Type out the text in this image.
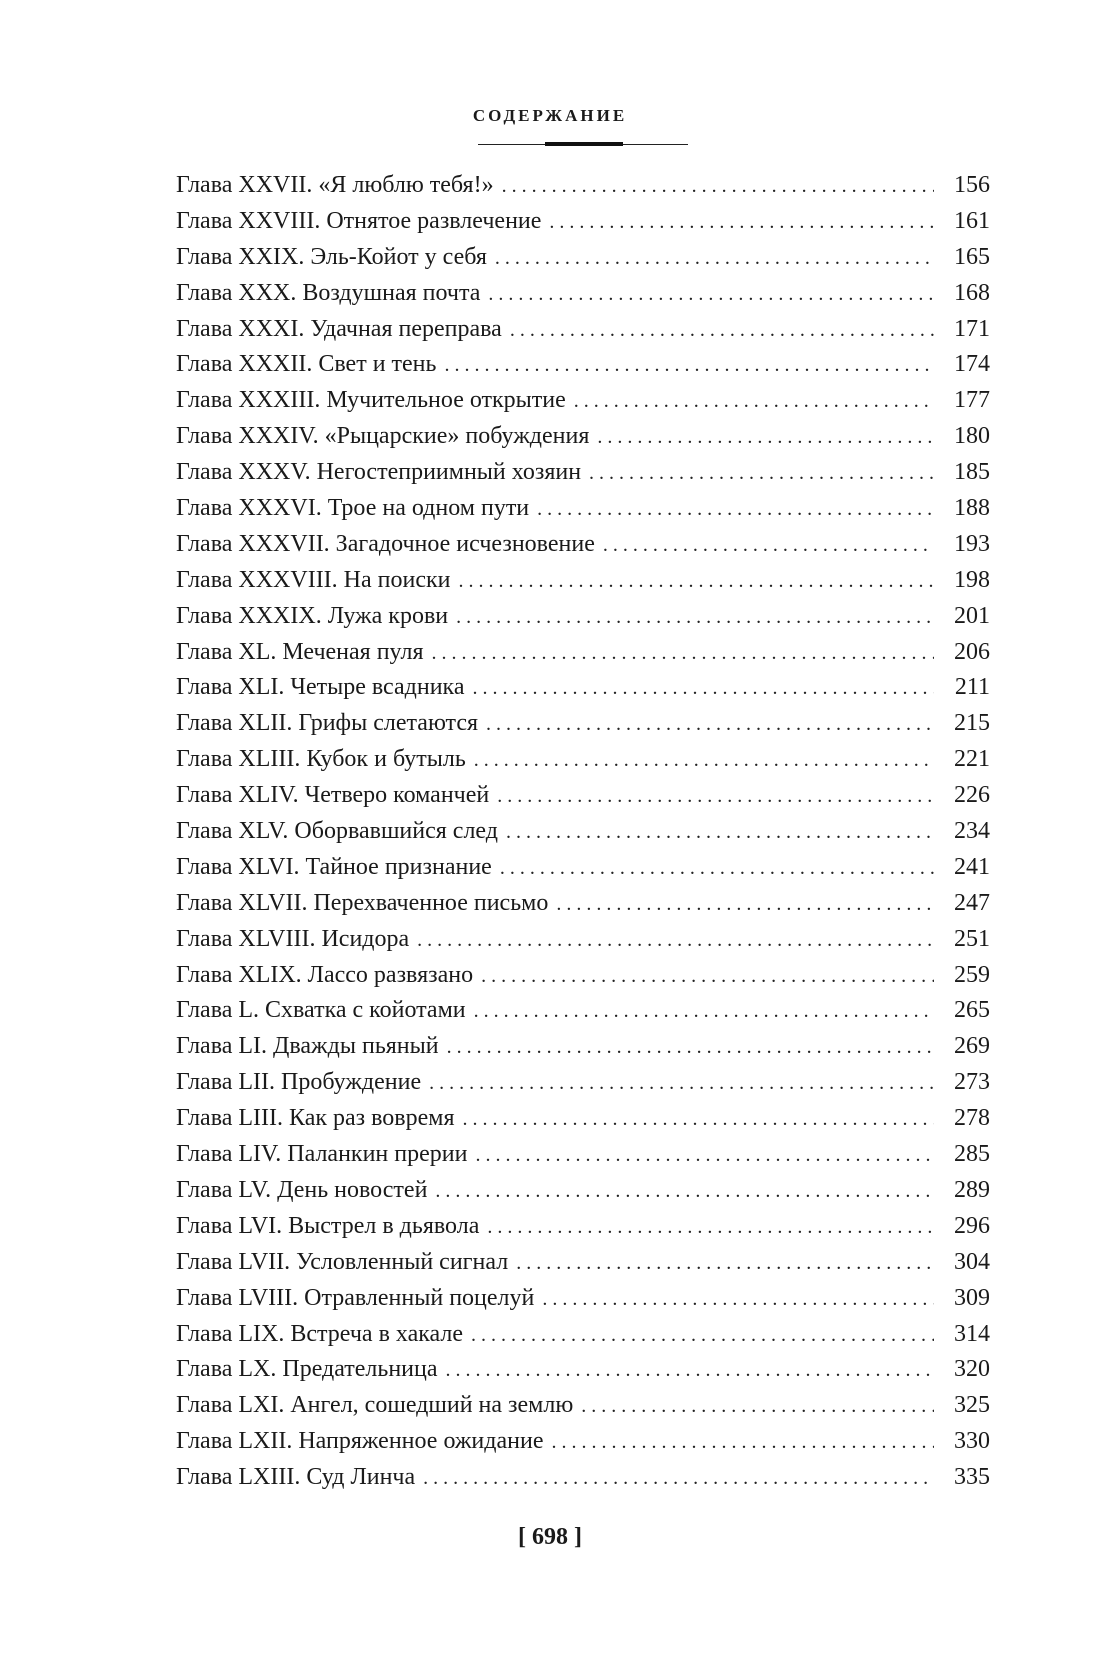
СОДЕРЖАНИЕ
Глава XXVII. «Я люблю тебя!» . . .	156
Глава XXVIII. Отнятое развлечение . . .	161
Глава XXIX. Эль-Койот у себя . . .	165
Глава XXX. Воздушная почта . . .	168
Глава XXXI. Удачная переправа . . .	171
Глава XXXII. Свет и тень . . .	174
Глава XXXIII. Мучительное открытие . . .	177
Глава XXXIV. «Рыцарские» побуждения . . .	180
Глава XXXV. Негостеприимный хозяин . . .	185
Глава XXXVI. Трое на одном пути . . .	188
Глава XXXVII. Загадочное исчезновение . . .	193
Глава XXXVIII. На поиски . . .	198
Глава XXXIX. Лужа крови . . .	201
Глава XL. Меченая пуля . . .	206
Глава XLI. Четыре всадника . . .	211
Глава XLII. Грифы слетаются . . .	215
Глава XLIII. Кубок и бутыль . . .	221
Глава XLIV. Четверо команчей . . .	226
Глава XLV. Оборвавшийся след . . .	234
Глава XLVI. Тайное признание . . .	241
Глава XLVII. Перехваченное письмо . . .	247
Глава XLVIII. Исидора . . .	251
Глава XLIX. Лассо развязано . . .	259
Глава L. Схватка с койотами . . .	265
Глава LI. Дважды пьяный . . .	269
Глава LII. Пробуждение . . .	273
Глава LIII. Как раз вовремя . . .	278
Глава LIV. Паланкин прерии . . .	285
Глава LV. День новостей . . .	289
Глава LVI. Выстрел в дьявола . . .	296
Глава LVII. Условленный сигнал . . .	304
Глава LVIII. Отравленный поцелуй . . .	309
Глава LIX. Встреча в хакале . . .	314
Глава LX. Предательница . . .	320
Глава LXI. Ангел, сошедший на землю . . .	325
Глава LXII. Напряженное ожидание . . .	330
Глава LXIII. Суд Линча . . .	335
[ 698 ]
